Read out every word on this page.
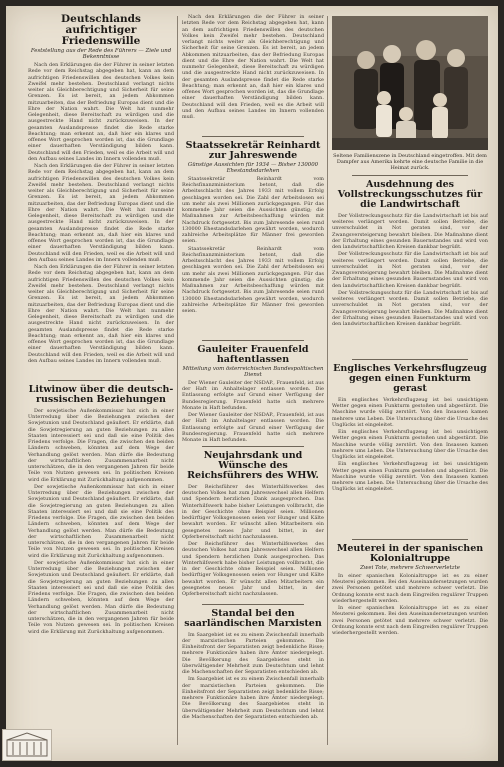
Deutschlands aufrichtiger Friedenswille
Feststellung aus der Rede des Führers — Ziele und Bekenntnisse

Nach den Erklärungen die der Führer in seiner letzten Rede vor dem Reichstag abgegeben hat, kann an dem aufrichtigen Friedenswillen des deutschen Volkes kein Zweifel mehr bestehen. Deutschland verlangt nichts weiter als Gleichberechtigung und Sicherheit für seine Grenzen. Es ist bereit, an jedem Abkommen mitzuarbeiten, das der Befriedung Europas dient und die Ehre der Nation wahrt. Die Welt hat nunmehr Gelegenheit, diese Bereitschaft zu würdigen und die ausgestreckte Hand nicht zurückzuweisen. In der gesamten Auslandspresse findet die Rede starke Beachtung; man erkennt an, daß hier ein klares und offenes Wort gesprochen worden ist, das die Grundlage einer dauerhaften Verständigung bilden kann. Deutschland will den Frieden, weil es die Arbeit will und den Aufbau seines Landes im Innern vollenden muß.

Nach den Erklärungen die der Führer in seiner letzten Rede vor dem Reichstag abgegeben hat, kann an dem aufrichtigen Friedenswillen des deutschen Volkes kein Zweifel mehr bestehen. Deutschland verlangt nichts weiter als Gleichberechtigung und Sicherheit für seine Grenzen. Es ist bereit, an jedem Abkommen mitzuarbeiten, das der Befriedung Europas dient und die Ehre der Nation wahrt. Die Welt hat nunmehr Gelegenheit, diese Bereitschaft zu würdigen und die ausgestreckte Hand nicht zurückzuweisen. In der gesamten Auslandspresse findet die Rede starke Beachtung; man erkennt an, daß hier ein klares und offenes Wort gesprochen worden ist, das die Grundlage einer dauerhaften Verständigung bilden kann. Deutschland will den Frieden, weil es die Arbeit will und den Aufbau seines Landes im Innern vollenden muß.

Nach den Erklärungen die der Führer in seiner letzten Rede vor dem Reichstag abgegeben hat, kann an dem aufrichtigen Friedenswillen des deutschen Volkes kein Zweifel mehr bestehen. Deutschland verlangt nichts weiter als Gleichberechtigung und Sicherheit für seine Grenzen. Es ist bereit, an jedem Abkommen mitzuarbeiten, das der Befriedung Europas dient und die Ehre der Nation wahrt. Die Welt hat nunmehr Gelegenheit, diese Bereitschaft zu würdigen und die ausgestreckte Hand nicht zurückzuweisen. In der gesamten Auslandspresse findet die Rede starke Beachtung; man erkennt an, daß hier ein klares und offenes Wort gesprochen worden ist, das die Grundlage einer dauerhaften Verständigung bilden kann. Deutschland will den Frieden, weil es die Arbeit will und den Aufbau seines Landes im Innern vollenden muß.

Litwinow über die deutsch-russischen Beziehungen

Der sowjetische Außenkommissar hat sich in einer Unterredung über die Beziehungen zwischen der Sowjetunion und Deutschland geäußert. Er erklärte, daß die Sowjetregierung an guten Beziehungen zu allen Staaten interessiert sei und daß sie eine Politik des Friedens verfolge. Die Fragen, die zwischen den beiden Ländern schweben, könnten auf dem Wege der Verhandlung gelöst werden. Man dürfe die Bedeutung der wirtschaftlichen Zusammenarbeit nicht unterschätzen, die in den vergangenen Jahren für beide Teile von Nutzen gewesen sei. In politischen Kreisen wird die Erklärung mit Zurückhaltung aufgenommen.

Der sowjetische Außenkommissar hat sich in einer Unterredung über die Beziehungen zwischen der Sowjetunion und Deutschland geäußert. Er erklärte, daß die Sowjetregierung an guten Beziehungen zu allen Staaten interessiert sei und daß sie eine Politik des Friedens verfolge. Die Fragen, die zwischen den beiden Ländern schweben, könnten auf dem Wege der Verhandlung gelöst werden. Man dürfe die Bedeutung der wirtschaftlichen Zusammenarbeit nicht unterschätzen, die in den vergangenen Jahren für beide Teile von Nutzen gewesen sei. In politischen Kreisen wird die Erklärung mit Zurückhaltung aufgenommen.

Der sowjetische Außenkommissar hat sich in einer Unterredung über die Beziehungen zwischen der Sowjetunion und Deutschland geäußert. Er erklärte, daß die Sowjetregierung an guten Beziehungen zu allen Staaten interessiert sei und daß sie eine Politik des Friedens verfolge. Die Fragen, die zwischen den beiden Ländern schweben, könnten auf dem Wege der Verhandlung gelöst werden. Man dürfe die Bedeutung der wirtschaftlichen Zusammenarbeit nicht unterschätzen, die in den vergangenen Jahren für beide Teile von Nutzen gewesen sei. In politischen Kreisen wird die Erklärung mit Zurückhaltung aufgenommen.

Nach den Erklärungen die der Führer in seiner letzten Rede vor dem Reichstag abgegeben hat, kann an dem aufrichtigen Friedenswillen des deutschen Volkes kein Zweifel mehr bestehen. Deutschland verlangt nichts weiter als Gleichberechtigung und Sicherheit für seine Grenzen. Es ist bereit, an jedem Abkommen mitzuarbeiten, das der Befriedung Europas dient und die Ehre der Nation wahrt. Die Welt hat nunmehr Gelegenheit, diese Bereitschaft zu würdigen und die ausgestreckte Hand nicht zurückzuweisen. In der gesamten Auslandspresse findet die Rede starke Beachtung; man erkennt an, daß hier ein klares und offenes Wort gesprochen worden ist, das die Grundlage einer dauerhaften Verständigung bilden kann. Deutschland will den Frieden, weil es die Arbeit will und den Aufbau seines Landes im Innern vollenden muß.

Staatssekretär Reinhardt zur Jahreswende
Günstige Aussichten für 1934 — Bisher 130000 Ehestandsdarlehen

Staatssekretär Reinhardt vom Reichsfinanzministerium betont, daß die Arbeitsschlacht des Jahres 1933 mit vollem Erfolg geschlagen worden sei. Die Zahl der Arbeitslosen sei um mehr als zwei Millionen zurückgegangen. Für das kommende Jahr seien die Aussichten günstig; die Maßnahmen zur Arbeitsbeschaffung würden mit Nachdruck fortgesetzt. Bis zum Jahresende seien rund 130000 Ehestandsdarlehen gewährt worden, wodurch zahlreiche Arbeitsplätze für Männer frei geworden seien.

Staatssekretär Reinhardt vom Reichsfinanzministerium betont, daß die Arbeitsschlacht des Jahres 1933 mit vollem Erfolg geschlagen worden sei. Die Zahl der Arbeitslosen sei um mehr als zwei Millionen zurückgegangen. Für das kommende Jahr seien die Aussichten günstig; die Maßnahmen zur Arbeitsbeschaffung würden mit Nachdruck fortgesetzt. Bis zum Jahresende seien rund 130000 Ehestandsdarlehen gewährt worden, wodurch zahlreiche Arbeitsplätze für Männer frei geworden seien.

Gauleiter Frauenfeld haftentlassen
Mitteilung vom österreichischen Bundespolitischen Dienst

Der Wiener Gauleiter der NSDAP., Frauenfeld, ist aus der Haft im Anhaltelager entlassen worden. Die Entlassung erfolgte auf Grund einer Verfügung der Bundesregierung. Frauenfeld hatte sich mehrere Monate in Haft befunden.

Der Wiener Gauleiter der NSDAP., Frauenfeld, ist aus der Haft im Anhaltelager entlassen worden. Die Entlassung erfolgte auf Grund einer Verfügung der Bundesregierung. Frauenfeld hatte sich mehrere Monate in Haft befunden.

Neujahrsdank und Wünsche des Reichsführers des WHW.

Der Reichsführer des Winterhilfswerkes des deutschen Volkes hat zum Jahreswechsel allen Helfern und Spendern herzlichen Dank ausgesprochen. Das Winterhilfswerk habe bisher Leistungen vollbracht, die in der Geschichte ohne Beispiel seien. Millionen bedürftiger Volksgenossen seien vor Hunger und Kälte bewahrt worden. Er wünscht allen Mitarbeitern ein gesegnetes neues Jahr und bittet, in der Opferbereitschaft nicht nachzulassen.

Der Reichsführer des Winterhilfswerkes des deutschen Volkes hat zum Jahreswechsel allen Helfern und Spendern herzlichen Dank ausgesprochen. Das Winterhilfswerk habe bisher Leistungen vollbracht, die in der Geschichte ohne Beispiel seien. Millionen bedürftiger Volksgenossen seien vor Hunger und Kälte bewahrt worden. Er wünscht allen Mitarbeitern ein gesegnetes neues Jahr und bittet, in der Opferbereitschaft nicht nachzulassen.

Standal bei den saarländischen Marxisten

Im Saargebiet ist es zu einem Zwischenfall innerhalb der marxistischen Parteien gekommen. Die Einheitsfront der Separatisten zeigt bedenkliche Risse; mehrere Funktionäre haben ihre Ämter niedergelegt. Die Bevölkerung des Saargebietes steht in überwältigender Mehrheit zum Deutschtum und lehnt die Machenschaften der Separatisten entschieden ab.

Im Saargebiet ist es zu einem Zwischenfall innerhalb der marxistischen Parteien gekommen. Die Einheitsfront der Separatisten zeigt bedenkliche Risse; mehrere Funktionäre haben ihre Ämter niedergelegt. Die Bevölkerung des Saargebietes steht in überwältigender Mehrheit zum Deutschtum und lehnt die Machenschaften der Separatisten entschieden ab.

Seltene Familienszene in Deutschland eingetroffen. Mit dem Dampfer aus Amerika kehrte eine deutsche Familie in die Heimat zurück.
Ausdehnung des Vollstreckungsschutzes für die Landwirtschaft

Der Vollstreckungsschutz für die Landwirtschaft ist bis auf weiteres verlängert worden. Damit sollen Betriebe, die unverschuldet in Not geraten sind, vor der Zwangsversteigerung bewahrt bleiben. Die Maßnahme dient der Erhaltung eines gesunden Bauernstandes und wird von den landwirtschaftlichen Kreisen dankbar begrüßt.

Der Vollstreckungsschutz für die Landwirtschaft ist bis auf weiteres verlängert worden. Damit sollen Betriebe, die unverschuldet in Not geraten sind, vor der Zwangsversteigerung bewahrt bleiben. Die Maßnahme dient der Erhaltung eines gesunden Bauernstandes und wird von den landwirtschaftlichen Kreisen dankbar begrüßt.

Der Vollstreckungsschutz für die Landwirtschaft ist bis auf weiteres verlängert worden. Damit sollen Betriebe, die unverschuldet in Not geraten sind, vor der Zwangsversteigerung bewahrt bleiben. Die Maßnahme dient der Erhaltung eines gesunden Bauernstandes und wird von den landwirtschaftlichen Kreisen dankbar begrüßt.

Englisches Verkehrsflugzeug gegen einen Funkturm gerast

Ein englisches Verkehrsflugzeug ist bei unsichtigem Wetter gegen einen Funkturm gestoßen und abgestürzt. Die Maschine wurde völlig zerstört. Von den Insassen kamen mehrere ums Leben. Die Untersuchung über die Ursache des Unglücks ist eingeleitet.

Ein englisches Verkehrsflugzeug ist bei unsichtigem Wetter gegen einen Funkturm gestoßen und abgestürzt. Die Maschine wurde völlig zerstört. Von den Insassen kamen mehrere ums Leben. Die Untersuchung über die Ursache des Unglücks ist eingeleitet.

Ein englisches Verkehrsflugzeug ist bei unsichtigem Wetter gegen einen Funkturm gestoßen und abgestürzt. Die Maschine wurde völlig zerstört. Von den Insassen kamen mehrere ums Leben. Die Untersuchung über die Ursache des Unglücks ist eingeleitet.

Meuterei in der spanischen Kolonialtruppe
Zwei Tote, mehrere Schwerverletzte

In einer spanischen Kolonialtruppe ist es zu einer Meuterei gekommen. Bei den Auseinandersetzungen wurden zwei Personen getötet und mehrere schwer verletzt. Die Ordnung konnte erst nach dem Eingreifen regulärer Truppen wiederhergestellt werden.

In einer spanischen Kolonialtruppe ist es zu einer Meuterei gekommen. Bei den Auseinandersetzungen wurden zwei Personen getötet und mehrere schwer verletzt. Die Ordnung konnte erst nach dem Eingreifen regulärer Truppen wiederhergestellt werden.
